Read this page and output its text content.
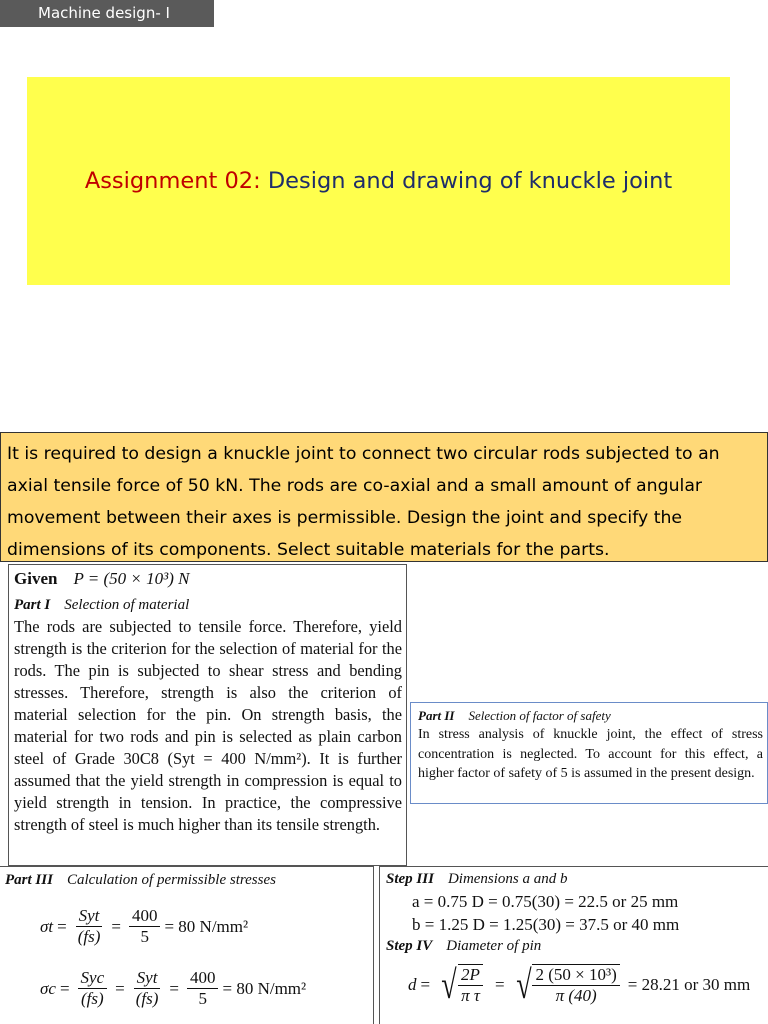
Machine design- I
Assignment 02:
Design and drawing of knuckle joint
It is required to design a knuckle joint to connect two circular rods subjected to an axial tensile force of 50 kN. The rods are co-axial and a small amount of angular movement between their axes is permissible. Design the joint and specify the dimensions of its components. Select suitable materials for the parts.
Given P = (50 × 10³) N
Part I Selection of material
The rods are subjected to tensile force. Therefore, yield strength is the criterion for the selection of material for the rods. The pin is subjected to shear stress and bending stresses. Therefore, strength is also the criterion of material selection for the pin. On strength basis, the material for two rods and pin is selected as plain carbon steel of Grade 30C8 (Syt = 400 N/mm²). It is further assumed that the yield strength in compression is equal to yield strength in tension. In practice, the compressive strength of steel is much higher than its tensile strength.
Part II Selection of factor of safety
In stress analysis of knuckle joint, the effect of stress concentration is neglected. To account for this effect, a higher factor of safety of 5 is assumed in the present design.
Part III Calculation of permissible stresses
$\sigma t = \frac{\text{Syt}}{(fs)} = \frac{400}{5} = 80$ N/mm²
$\sigma c = \frac{\text{Syc}}{(fs)} = \frac{\text{Syt}}{(fs)} = \frac{400}{5} = 80$ N/mm²
Step III Dimensions a and b
a = 0.75 D = 0.75(30) = 22.5 or 25 mm
b = 1.25 D = 1.25(30) = 37.5 or 40 mm
Step IV Diameter of pin
d = √ $\frac{2P}{\text{π τ}}$ = √ $\frac{\text{2 (50 × 10³)}}{\pi (40)} = 28.21$ or 30 mm
